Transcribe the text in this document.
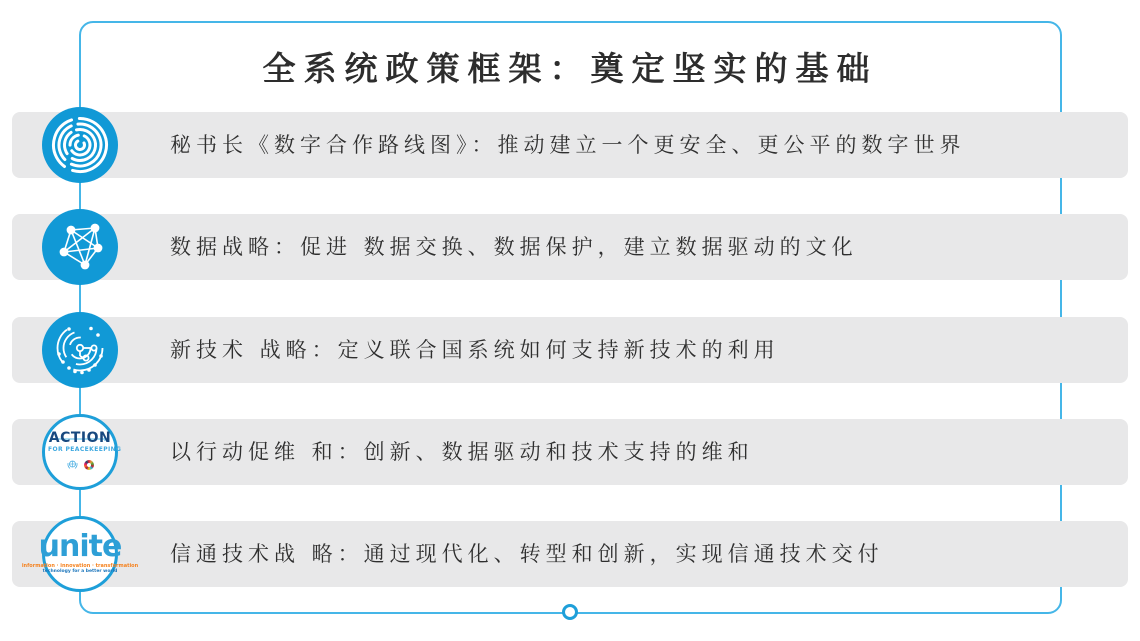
全系统政策框架：奠定坚实的基础
秘书长《数字合作路线图》：推动建立一个更安全、更公平的数字世界
数据战略：促进 数据交换、数据保护，建立数据驱动的文化
新技术 战略：定义联合国系统如何支持新技术的利用
ACTION
FOR PEACEKEEPING 以行动促维 和：创新、数据驱动和技术支持的维和
unite
information · innovation · transformation
technology for a better world
信通技术战 略：通过现代化、转型和创新，实现信通技术交付
